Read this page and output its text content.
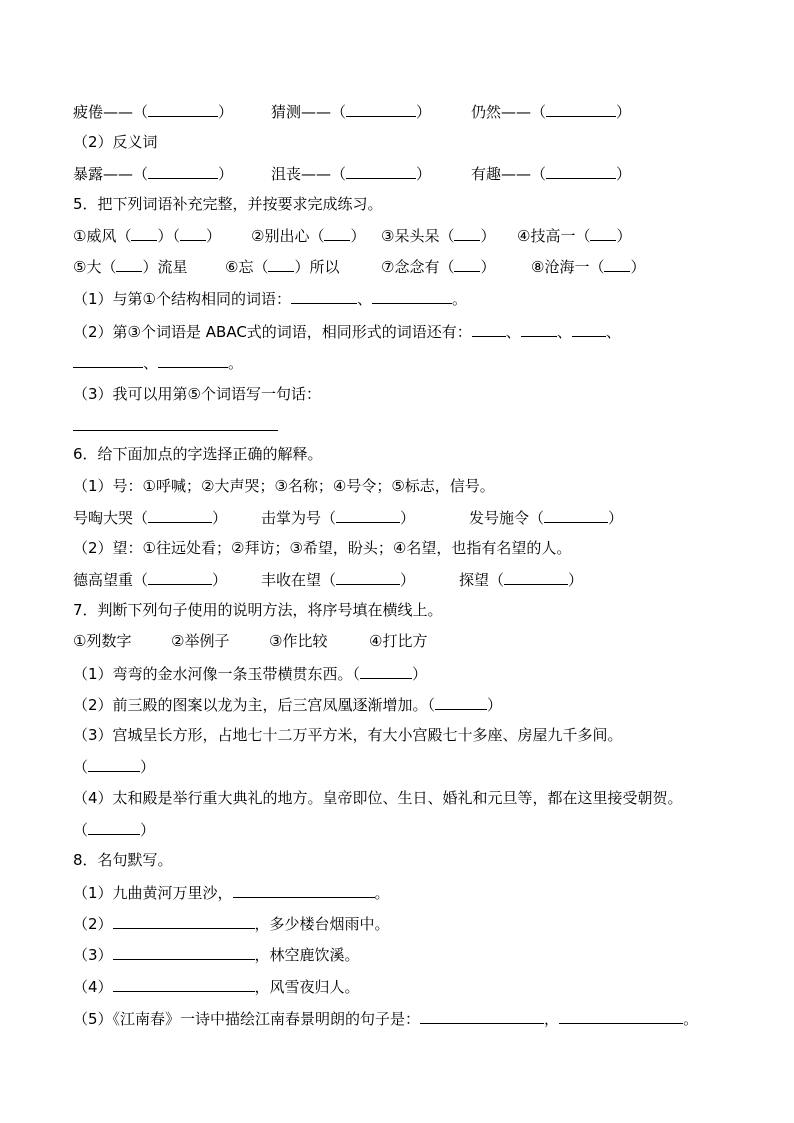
疲倦——（	）	猜测——（	）	仍然——（	）
（2）反义词
暴露——（	）	沮丧——（	）	有趣——（	）
5．把下列词语补充完整，并按要求完成练习。
①威风（ ）（ ） ②别出心（ ） ③呆头呆（ ） ④技高一（ ）
⑤大（ ）流星	⑥忘（ ）所以	⑦念念有（ ） ⑧沧海一（ ）
（1）与第①个结构相同的词语：	、	。
（2）第③个词语是 ABAC式的词语，相同形式的词语还有： 、 、 、
、	。
（3）我可以用第⑤个词语写一句话：
6．给下面加点的字选择正确的解释。
（1）号：①呼喊；②大声哭；③名称；④号令；⑤标志，信号。
号啕大哭（	） 击掌为号（	）	发号施令（	）
（2）望：①往远处看；②拜访；③希望，盼头；④名望，也指有名望的人。
德高望重（	） 丰收在望（	）	探望（	）
7．判断下列句子使用的说明方法，将序号填在横线上。
①列数字	②举例子	③作比较	④打比方
（1）弯弯的金水河像一条玉带横贯东西。（	）
（2）前三殿的图案以龙为主，后三宫凤凰逐渐增加。（	）
（3）宫城呈长方形，占地七十二万平方米，有大小宫殿七十多座、房屋九千多间。
（	）
（4）太和殿是举行重大典礼的地方。皇帝即位、生日、婚礼和元旦等，都在这里接受朝贺。
（	）
8．名句默写。
（1）九曲黄河万里沙，	。
（2）	，多少楼台烟雨中。
（3）	，林空鹿饮溪。
（4）	，风雪夜归人。
（5）《江南春》一诗中描绘江南春景明朗的句子是：	，	。
